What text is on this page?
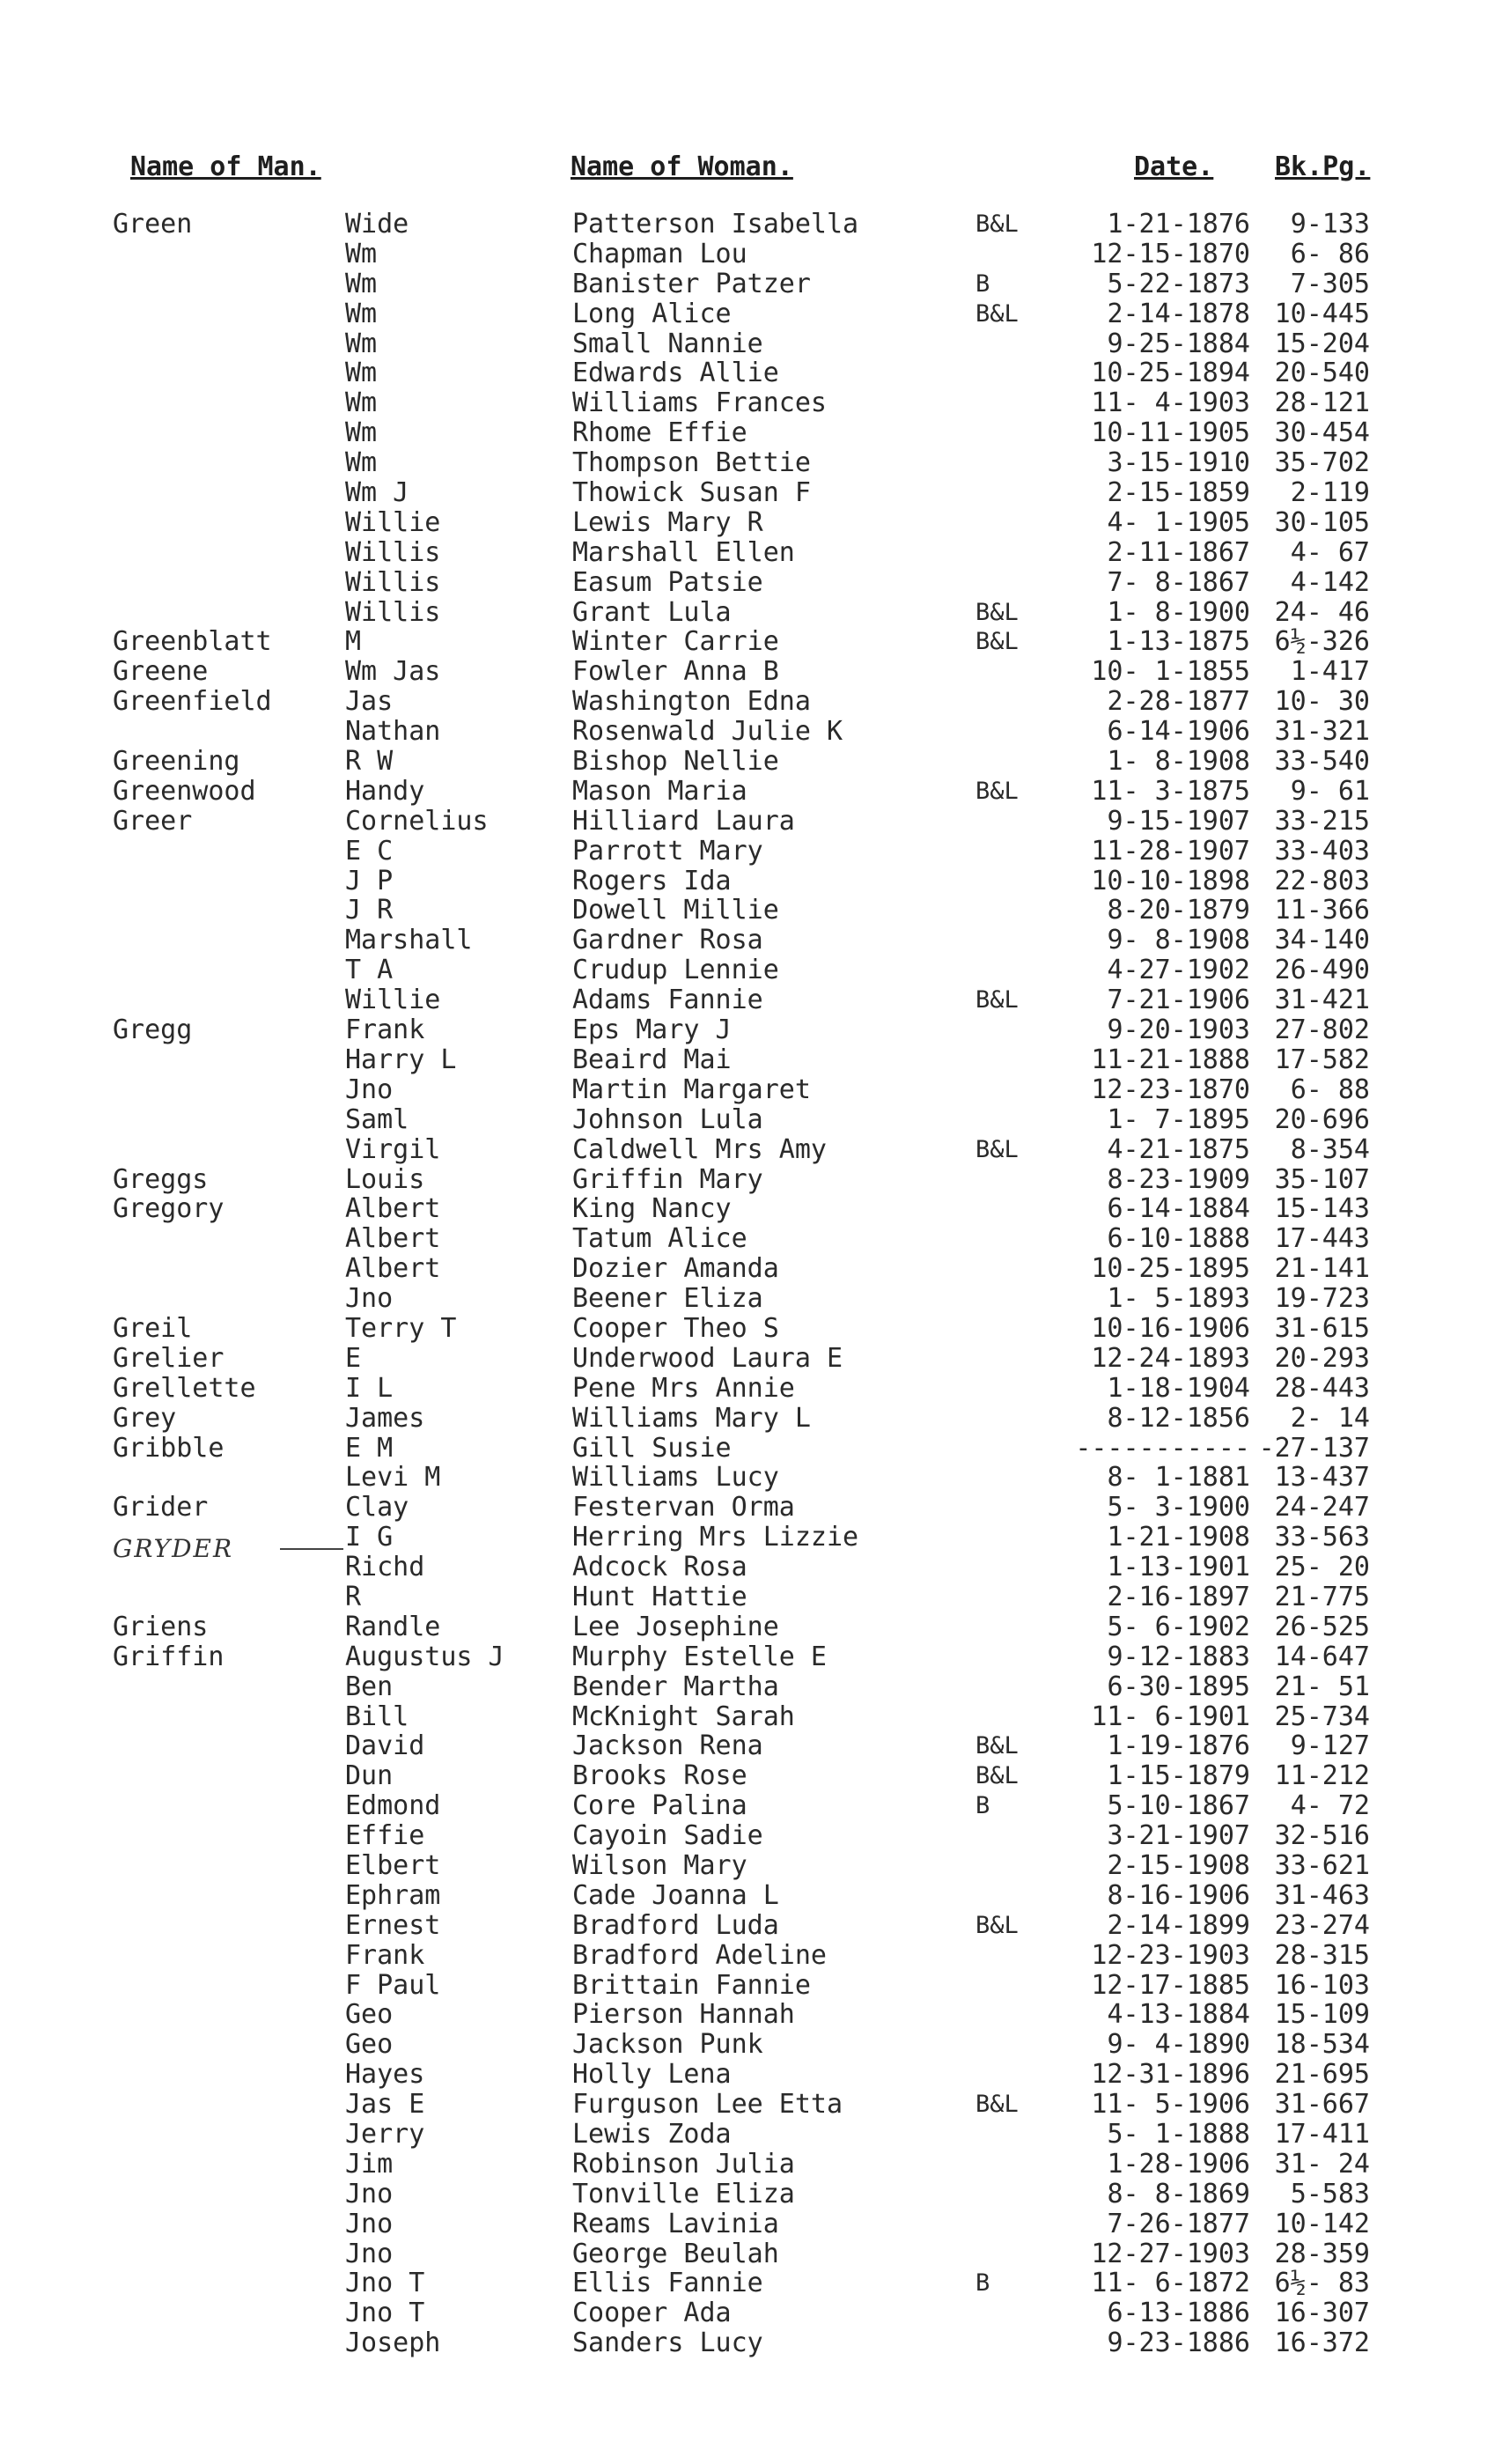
Name of Man.	Name of Woman.	Date. Bk.Pg.
Green	Wide	Patterson Isabella	B&L	1-21-1876	9-133
Wm	Chapman Lou	12-15-1870	6- 86
Wm	Banister Patzer	B	5-22-1873	7-305
Wm	Long Alice	B&L	2-14-1878 10-445
Wm	Small Nannie	9-25-1884 15-204
Wm	Edwards Allie	10-25-1894 20-540
Wm	Williams Frances	11- 4-1903 28-121
Wm	Rhome Effie	10-11-1905 30-454
Wm	Thompson Bettie	3-15-1910 35-702
Wm J	Thowick Susan F	2-15-1859	2-119
Willie	Lewis Mary R	4- 1-1905 30-105
Willis	Marshall Ellen	2-11-1867	4- 67
Willis	Easum Patsie	7- 8-1867	4-142
Willis	Grant Lula	B&L	1- 8-1900 24- 46
Greenblatt	M	Winter Carrie	B&L	1-13-1875 6½-326
Greene	Wm Jas	Fowler Anna B	10- 1-1855	1-417
Greenfield	Jas	Washington Edna	2-28-1877 10- 30
Nathan	Rosenwald Julie K	6-14-1906 31-321
Greening	R W	Bishop Nellie	1- 8-1908 33-540
Greenwood	Handy	Mason Maria	B&L	11- 3-1875	9- 61
Greer	Cornelius	Hilliard Laura	9-15-1907 33-215
E C	Parrott Mary	11-28-1907 33-403
J P	Rogers Ida	10-10-1898 22-803
J R	Dowell Millie	8-20-1879 11-366
Marshall	Gardner Rosa	9- 8-1908 34-140
T A	Crudup Lennie	4-27-1902 26-490
Willie	Adams Fannie	B&L	7-21-1906 31-421
Gregg	Frank	Eps Mary J	9-20-1903 27-802
Harry L	Beaird Mai	11-21-1888 17-582
Jno	Martin Margaret	12-23-1870	6- 88
Saml	Johnson Lula	1- 7-1895 20-696
Virgil	Caldwell Mrs Amy	B&L	4-21-1875	8-354
Greggs	Louis	Griffin Mary	8-23-1909 35-107
Gregory	Albert	King Nancy	6-14-1884 15-143
Albert	Tatum Alice	6-10-1888 17-443
Albert	Dozier Amanda	10-25-1895 21-141
Jno	Beener Eliza	1- 5-1893 19-723
Greil	Terry T	Cooper Theo S	10-16-1906 31-615
Grelier	E	Underwood Laura E	12-24-1893 20-293
Grellette	I L	Pene Mrs Annie	1-18-1904 28-443
Grey	James	Williams Mary L	8-12-1856	2- 14
Gribble	E M	Gill Susie	----------- -27-137
Levi M	Williams Lucy	8- 1-1881 13-437
Grider	Clay	Festervan Orma	5- 3-1900 24-247
I G	Herring Mrs Lizzie	1-21-1908 33-563
Richd	Adcock Rosa	1-13-1901 25- 20
R	Hunt Hattie	2-16-1897 21-775
Griens	Randle	Lee Josephine	5- 6-1902 26-525
Griffin	Augustus J	Murphy Estelle E	9-12-1883 14-647
Ben	Bender Martha	6-30-1895 21- 51
Bill	McKnight Sarah	11- 6-1901 25-734
David	Jackson Rena	B&L	1-19-1876	9-127
Dun	Brooks Rose	B&L	1-15-1879 11-212
Edmond	Core Palina	B	5-10-1867	4- 72
Effie	Cayoin Sadie	3-21-1907 32-516
Elbert	Wilson Mary	2-15-1908 33-621
Ephram	Cade Joanna L	8-16-1906 31-463
Ernest	Bradford Luda	B&L	2-14-1899 23-274
Frank	Bradford Adeline	12-23-1903 28-315
F Paul	Brittain Fannie	12-17-1885 16-103
Geo	Pierson Hannah	4-13-1884 15-109
Geo	Jackson Punk	9- 4-1890 18-534
Hayes	Holly Lena	12-31-1896 21-695
Jas E	Furguson Lee Etta	B&L	11- 5-1906 31-667
Jerry	Lewis Zoda	5- 1-1888 17-411
Jim	Robinson Julia	1-28-1906 31- 24
Jno	Tonville Eliza	8- 8-1869	5-583
Jno	Reams Lavinia	7-26-1877 10-142
Jno	George Beulah	12-27-1903 28-359
Jno T	Ellis Fannie	B	11- 6-1872 6½- 83
Jno T	Cooper Ada	6-13-1886 16-307
Joseph	Sanders Lucy	9-23-1886 16-372
GRYDER
